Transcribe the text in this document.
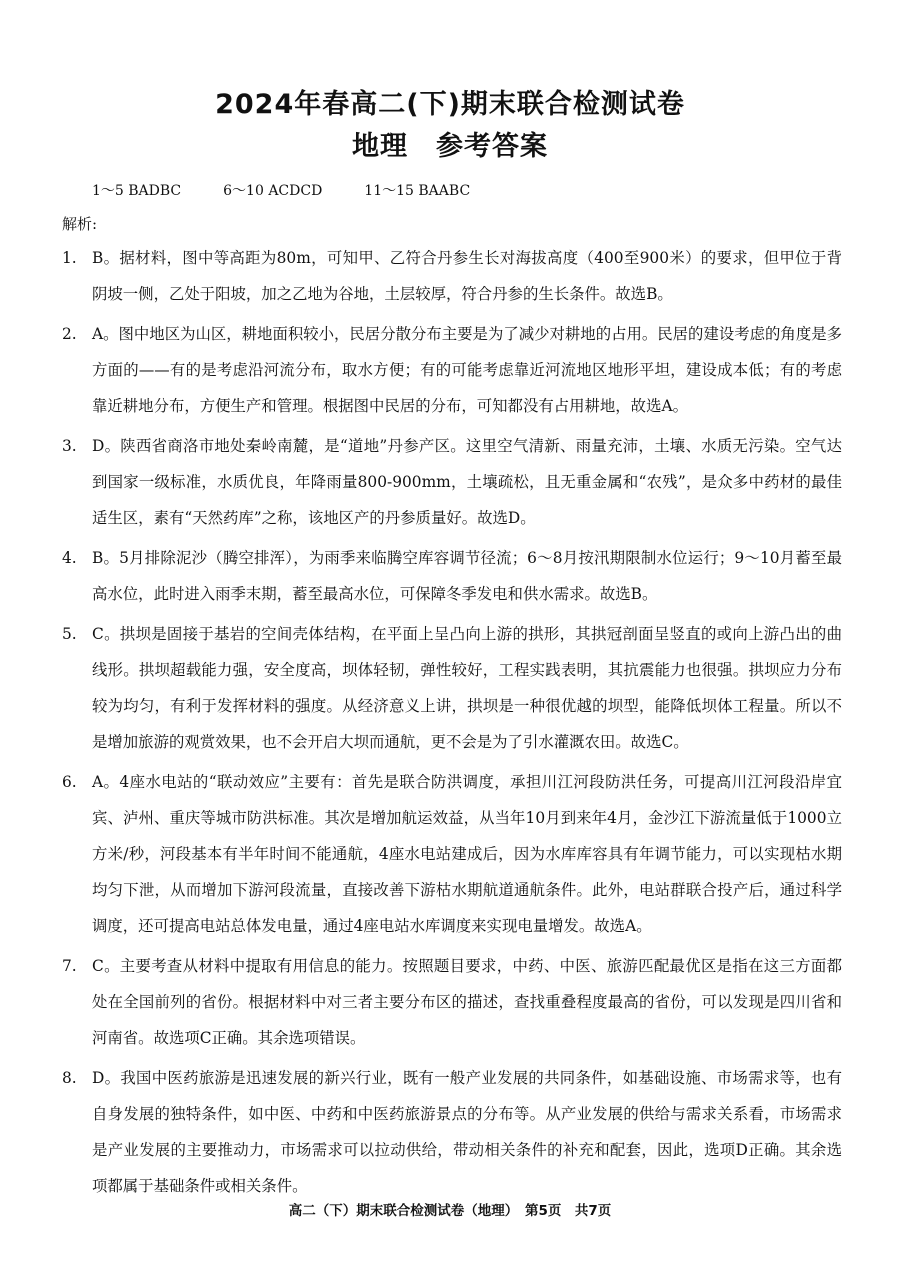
2024年春高二(下)期末联合检测试卷
地理　参考答案
1～5 BADBC　　　6～10 ACDCD　　　11～15 BAABC
解析:
1. B。据材料，图中等高距为80m，可知甲、乙符合丹参生长对海拔高度（400至900米）的要求，但甲位于背阴坡一侧，乙处于阳坡，加之乙地为谷地，土层较厚，符合丹参的生长条件。故选B。
2. A。图中地区为山区，耕地面积较小，民居分散分布主要是为了减少对耕地的占用。民居的建设考虑的角度是多方面的——有的是考虑沿河流分布，取水方便；有的可能考虑靠近河流地区地形平坦，建设成本低；有的考虑靠近耕地分布，方便生产和管理。根据图中民居的分布，可知都没有占用耕地，故选A。
3. D。陕西省商洛市地处秦岭南麓，是“道地”丹参产区。这里空气清新、雨量充沛，土壤、水质无污染。空气达到国家一级标准，水质优良，年降雨量800-900mm，土壤疏松，且无重金属和“农残”，是众多中药材的最佳适生区，素有“天然药库”之称，该地区产的丹参质量好。故选D。
4. B。5月排除泥沙（腾空排浑），为雨季来临腾空库容调节径流；6～8月按汛期限制水位运行；9～10月蓄至最高水位，此时进入雨季末期，蓄至最高水位，可保障冬季发电和供水需求。故选B。
5. C。拱坝是固接于基岩的空间壳体结构，在平面上呈凸向上游的拱形，其拱冠剖面呈竖直的或向上游凸出的曲线形。拱坝超载能力强，安全度高，坝体轻韧，弹性较好，工程实践表明，其抗震能力也很强。拱坝应力分布较为均匀，有利于发挥材料的强度。从经济意义上讲，拱坝是一种很优越的坝型，能降低坝体工程量。所以不是增加旅游的观赏效果，也不会开启大坝而通航，更不会是为了引水灌溉农田。故选C。
6. A。4座水电站的“联动效应”主要有：首先是联合防洪调度，承担川江河段防洪任务，可提高川江河段沿岸宜宾、泸州、重庆等城市防洪标准。其次是增加航运效益，从当年10月到来年4月，金沙江下游流量低于1000立方米/秒，河段基本有半年时间不能通航，4座水电站建成后，因为水库库容具有年调节能力，可以实现枯水期均匀下泄，从而增加下游河段流量，直接改善下游枯水期航道通航条件。此外，电站群联合投产后，通过科学调度，还可提高电站总体发电量，通过4座电站水库调度来实现电量增发。故选A。
7. C。主要考查从材料中提取有用信息的能力。按照题目要求，中药、中医、旅游匹配最优区是指在这三方面都处在全国前列的省份。根据材料中对三者主要分布区的描述，查找重叠程度最高的省份，可以发现是四川省和河南省。故选项C正确。其余选项错误。
8. D。我国中医药旅游是迅速发展的新兴行业，既有一般产业发展的共同条件，如基础设施、市场需求等，也有自身发展的独特条件，如中医、中药和中医药旅游景点的分布等。从产业发展的供给与需求关系看，市场需求是产业发展的主要推动力，市场需求可以拉动供给，带动相关条件的补充和配套，因此，选项D正确。其余选项都属于基础条件或相关条件。
高二（下）期末联合检测试卷（地理）　第5页　共7页
